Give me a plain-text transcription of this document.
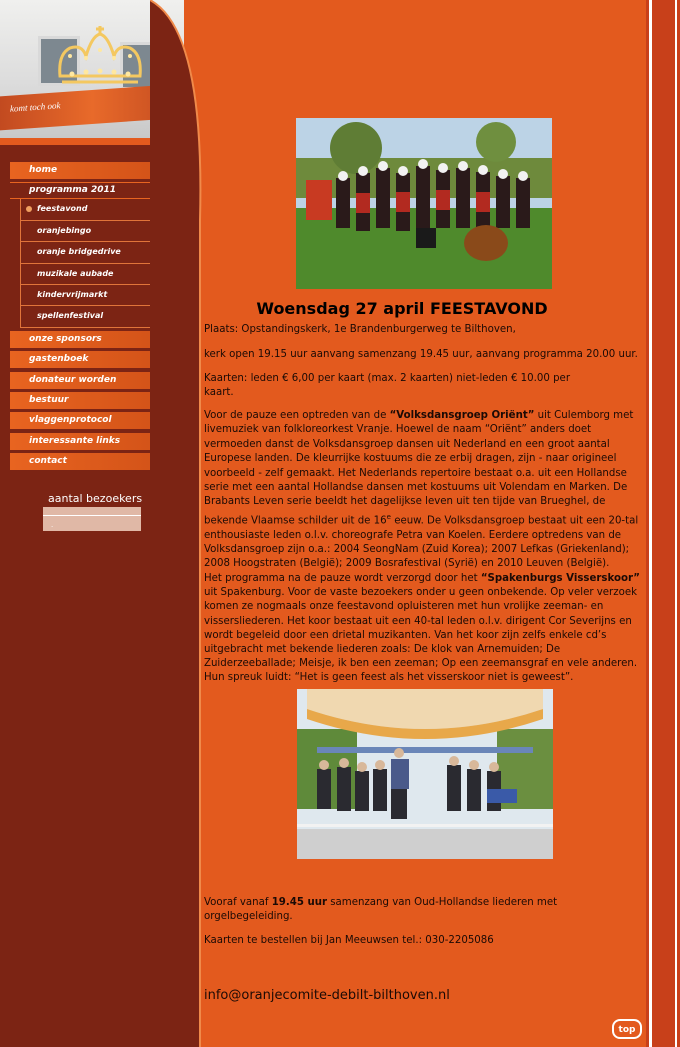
komt toch ook
home
programma 2011
feestavond
oranjebingo
oranje bridgedrive
muzikale aubade
kindervrijmarkt
spellenfestival
onze sponsors
gastenboek
donateur worden
bestuur
vlaggenprotocol
interessante links
contact
aantal bezoekers
.
Woensdag 27 april FEESTAVOND
Plaats: Opstandingskerk, 1e Brandenburgerweg te Bilthoven,
kerk open 19.15 uur aanvang samenzang 19.45 uur, aanvang programma 20.00 uur.
Kaarten: leden € 6,00 per kaart (max. 2 kaarten) niet-leden € 10.00 per kaart.
Voor de pauze een optreden van de “Volksdansgroep Oriënt” uit Culemborg met livemuziek van folkloreorkest Vranje. Hoewel de naam “Oriënt” anders doet vermoeden danst de Volksdansgroep dansen uit Nederland en een groot aantal Europese landen. De kleurrijke kostuums die ze erbij dragen, zijn - naar origineel voorbeeld - zelf gemaakt. Het Nederlands repertoire bestaat o.a. uit een Hollandse serie met een aantal Hollandse dansen met kostuums uit Volendam en Marken. De Brabants Leven serie beeldt het dagelijkse leven uit ten tijde van Brueghel, de bekende Vlaamse schilder uit de 16e eeuw. De Volksdansgroep bestaat uit een 20-tal enthousiaste leden o.l.v. choreografe Petra van Koelen. Eerdere optredens van de Volksdansgroep zijn o.a.: 2004 SeongNam (Zuid Korea); 2007 Lefkas (Griekenland); 2008 Hoogstraten (België); 2009 Bosrafestival (Syrië) en 2010 Leuven (België).
Het programma na de pauze wordt verzorgd door het “Spakenburgs Visserskoor” uit Spakenburg. Voor de vaste bezoekers onder u geen onbekende. Op veler verzoek komen ze nogmaals onze feestavond opluisteren met hun vrolijke zeeman- en vissersliederen. Het koor bestaat uit een 40-tal leden o.l.v. dirigent Cor Severijns en wordt begeleid door een drietal muzikanten. Van het koor zijn zelfs enkele cd’s uitgebracht met bekende liederen zoals: De klok van Arnemuiden; De Zuiderzeeballade; Meisje, ik ben een zeeman; Op een zeemansgraf en vele anderen. Hun spreuk luidt: “Het is geen feest als het visserskoor niet is geweest”.
Vooraf vanaf 19.45 uur samenzang van Oud-Hollandse liederen met orgelbegeleiding.
Kaarten te bestellen bij Jan Meeuwsen tel.: 030-2205086
info@oranjecomite-debilt-bilthoven.nl
top
